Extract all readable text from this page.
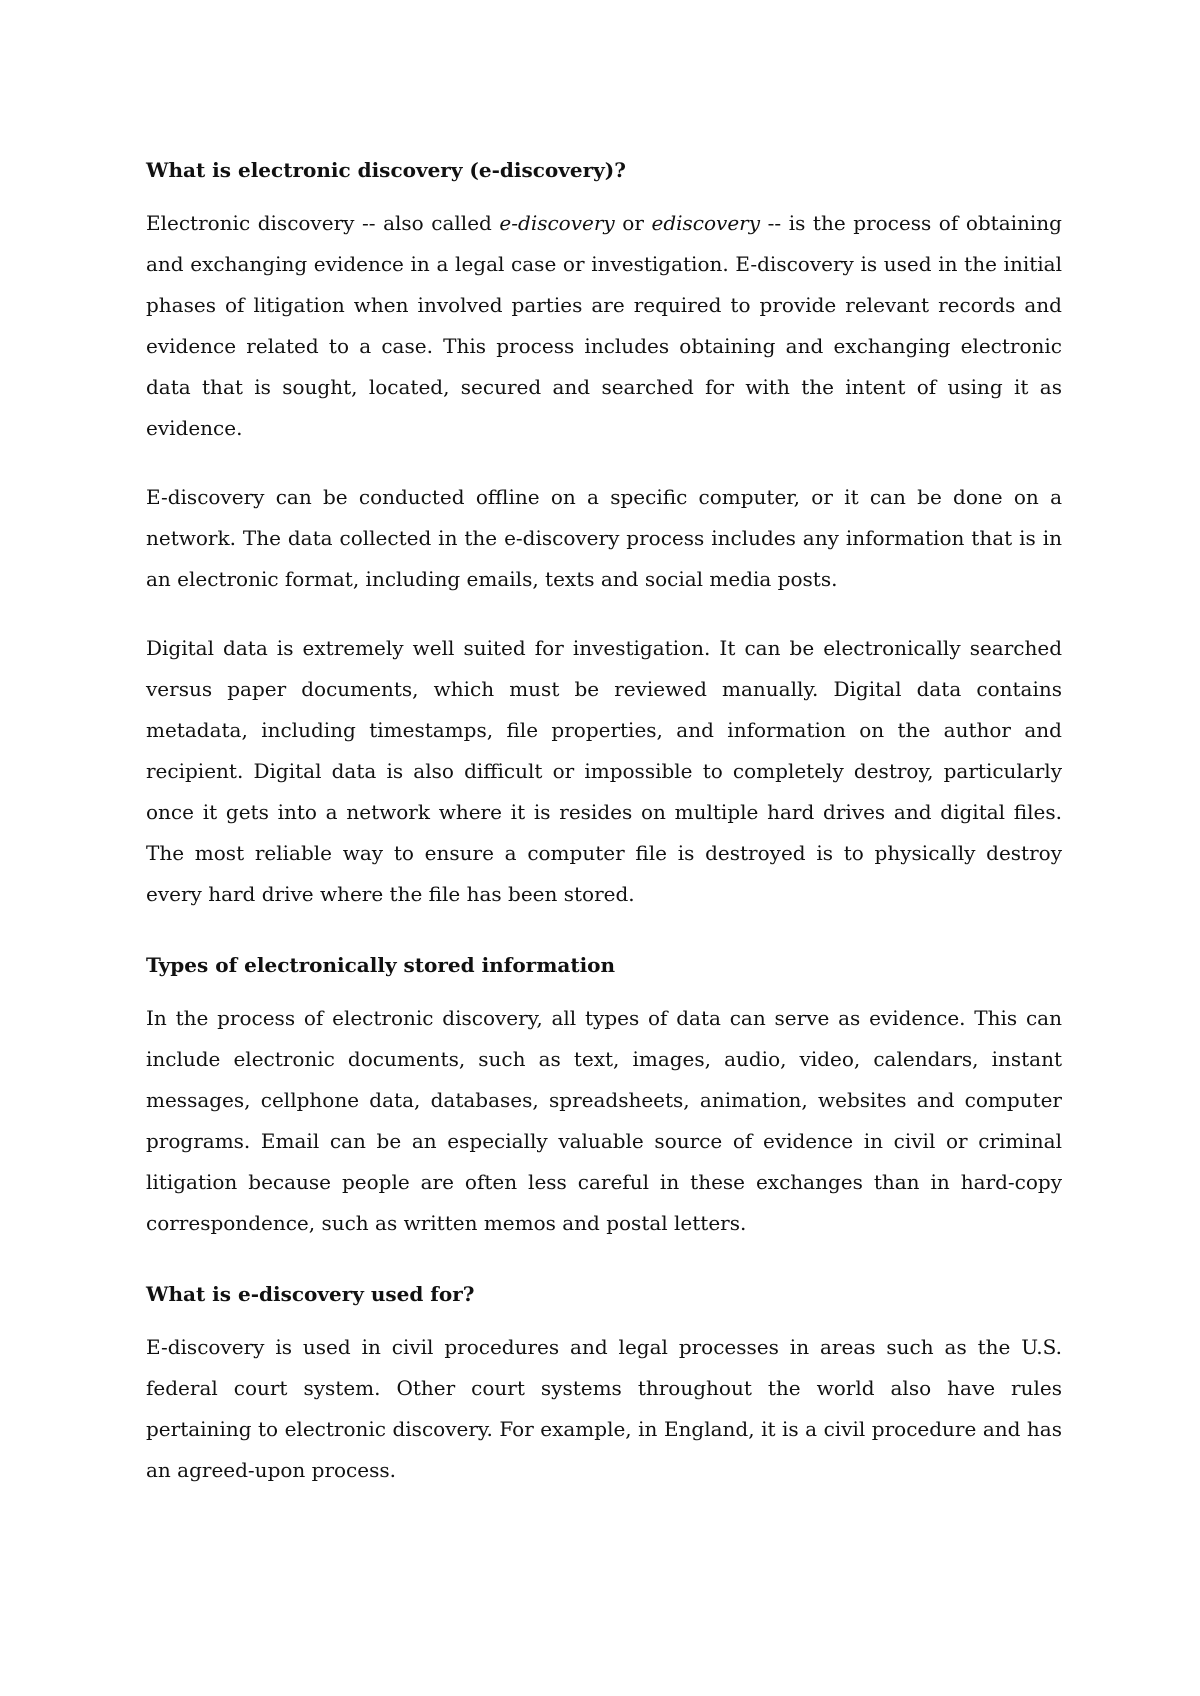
What is electronic discovery (e-discovery)?

Electronic discovery -- also called e-discovery or ediscovery -- is the process of obtaining and exchanging evidence in a legal case or investigation. E-discovery is used in the initial phases of litigation when involved parties are required to provide relevant records and evidence related to a case. This process includes obtaining and exchanging electronic data that is sought, located, secured and searched for with the intent of using it as evidence.

E-discovery can be conducted offline on a specific computer, or it can be done on a network. The data collected in the e-discovery process includes any information that is in an electronic format, including emails, texts and social media posts.

Digital data is extremely well suited for investigation. It can be electronically searched versus paper documents, which must be reviewed manually. Digital data contains metadata, including timestamps, file properties, and information on the author and recipient. Digital data is also difficult or impossible to completely destroy, particularly once it gets into a network where it is resides on multiple hard drives and digital files. The most reliable way to ensure a computer file is destroyed is to physically destroy every hard drive where the file has been stored.

Types of electronically stored information

In the process of electronic discovery, all types of data can serve as evidence. This can include electronic documents, such as text, images, audio, video, calendars, instant messages, cellphone data, databases, spreadsheets, animation, websites and computer programs. Email can be an especially valuable source of evidence in civil or criminal litigation because people are often less careful in these exchanges than in hard-copy correspondence, such as written memos and postal letters.

What is e-discovery used for?

E-discovery is used in civil procedures and legal processes in areas such as the U.S. federal court system. Other court systems throughout the world also have rules pertaining to electronic discovery. For example, in England, it is a civil procedure and has an agreed-upon process.
